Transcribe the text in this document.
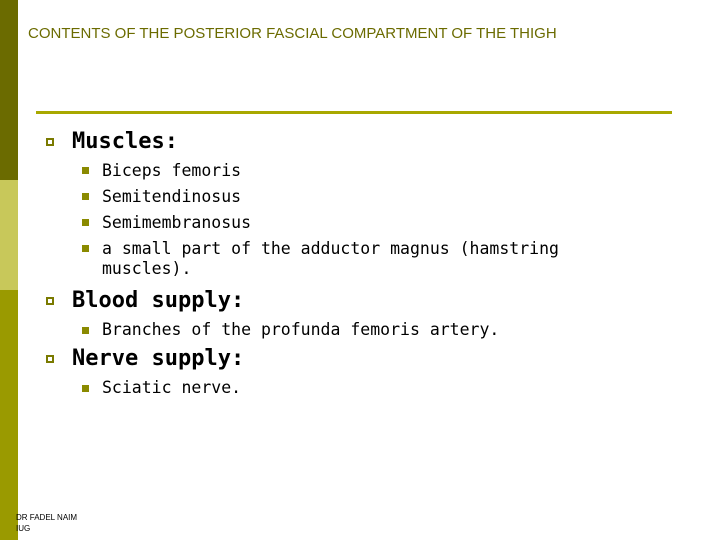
CONTENTS OF THE POSTERIOR FASCIAL COMPARTMENT OF THE THIGH
Muscles:
Biceps femoris
Semitendinosus
Semimembranosus
a small part of the adductor magnus (hamstring muscles).
Blood supply:
Branches of the profunda femoris artery.
Nerve supply:
Sciatic nerve.
DR FADEL NAIM
IUG
